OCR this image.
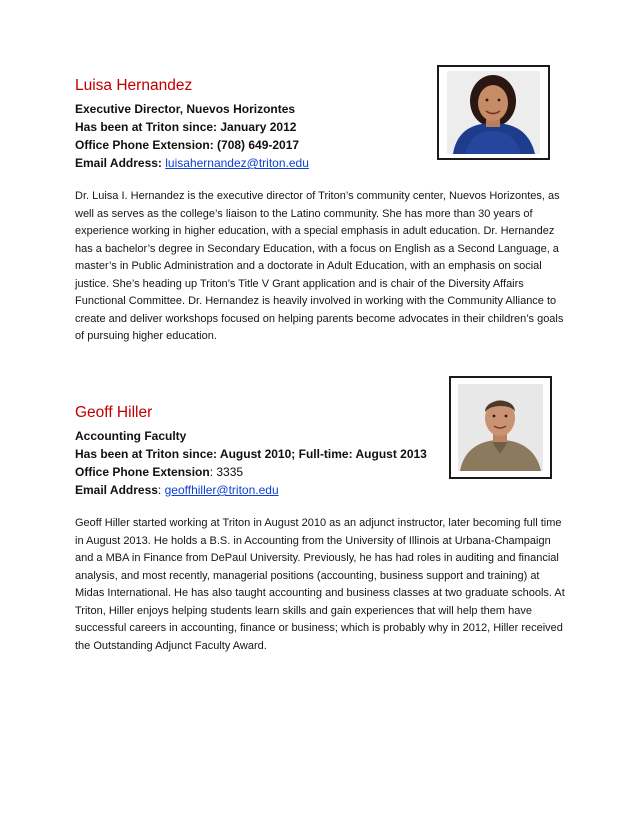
Luisa Hernandez
Executive Director, Nuevos Horizontes
Has been at Triton since: January 2012
Office Phone Extension: (708) 649-2017
Email Address: luisahernandez@triton.edu

Dr. Luisa I. Hernandez is the executive director of Triton’s community center, Nuevos Horizontes, as well as serves as the college’s liaison to the Latino community. She has more than 30 years of experience working in higher education, with a special emphasis in adult education. Dr. Hernandez has a bachelor’s degree in Secondary Education, with a focus on English as a Second Language, a master’s in Public Administration and a doctorate in Adult Education, with an emphasis on social justice. She’s heading up Triton’s Title V Grant application and is chair of the Diversity Affairs Functional Committee. Dr. Hernandez is heavily involved in working with the Community Alliance to create and deliver workshops focused on helping parents become advocates in their children’s goals of pursuing higher education.

Geoff Hiller
Accounting Faculty
Has been at Triton since: August 2010; Full-time: August 2013
Office Phone Extension: 3335
Email Address: geoffhiller@triton.edu

Geoff Hiller started working at Triton in August 2010 as an adjunct instructor, later becoming full time in August 2013. He holds a B.S. in Accounting from the University of Illinois at Urbana-Champaign and a MBA in Finance from DePaul University. Previously, he has had roles in auditing and financial analysis, and most recently, managerial positions (accounting, business support and training) at Midas International. He has also taught accounting and business classes at two graduate schools. At Triton, Hiller enjoys helping students learn skills and gain experiences that will help them have successful careers in accounting, finance or business; which is probably why in 2012, Hiller received the Outstanding Adjunct Faculty Award.
